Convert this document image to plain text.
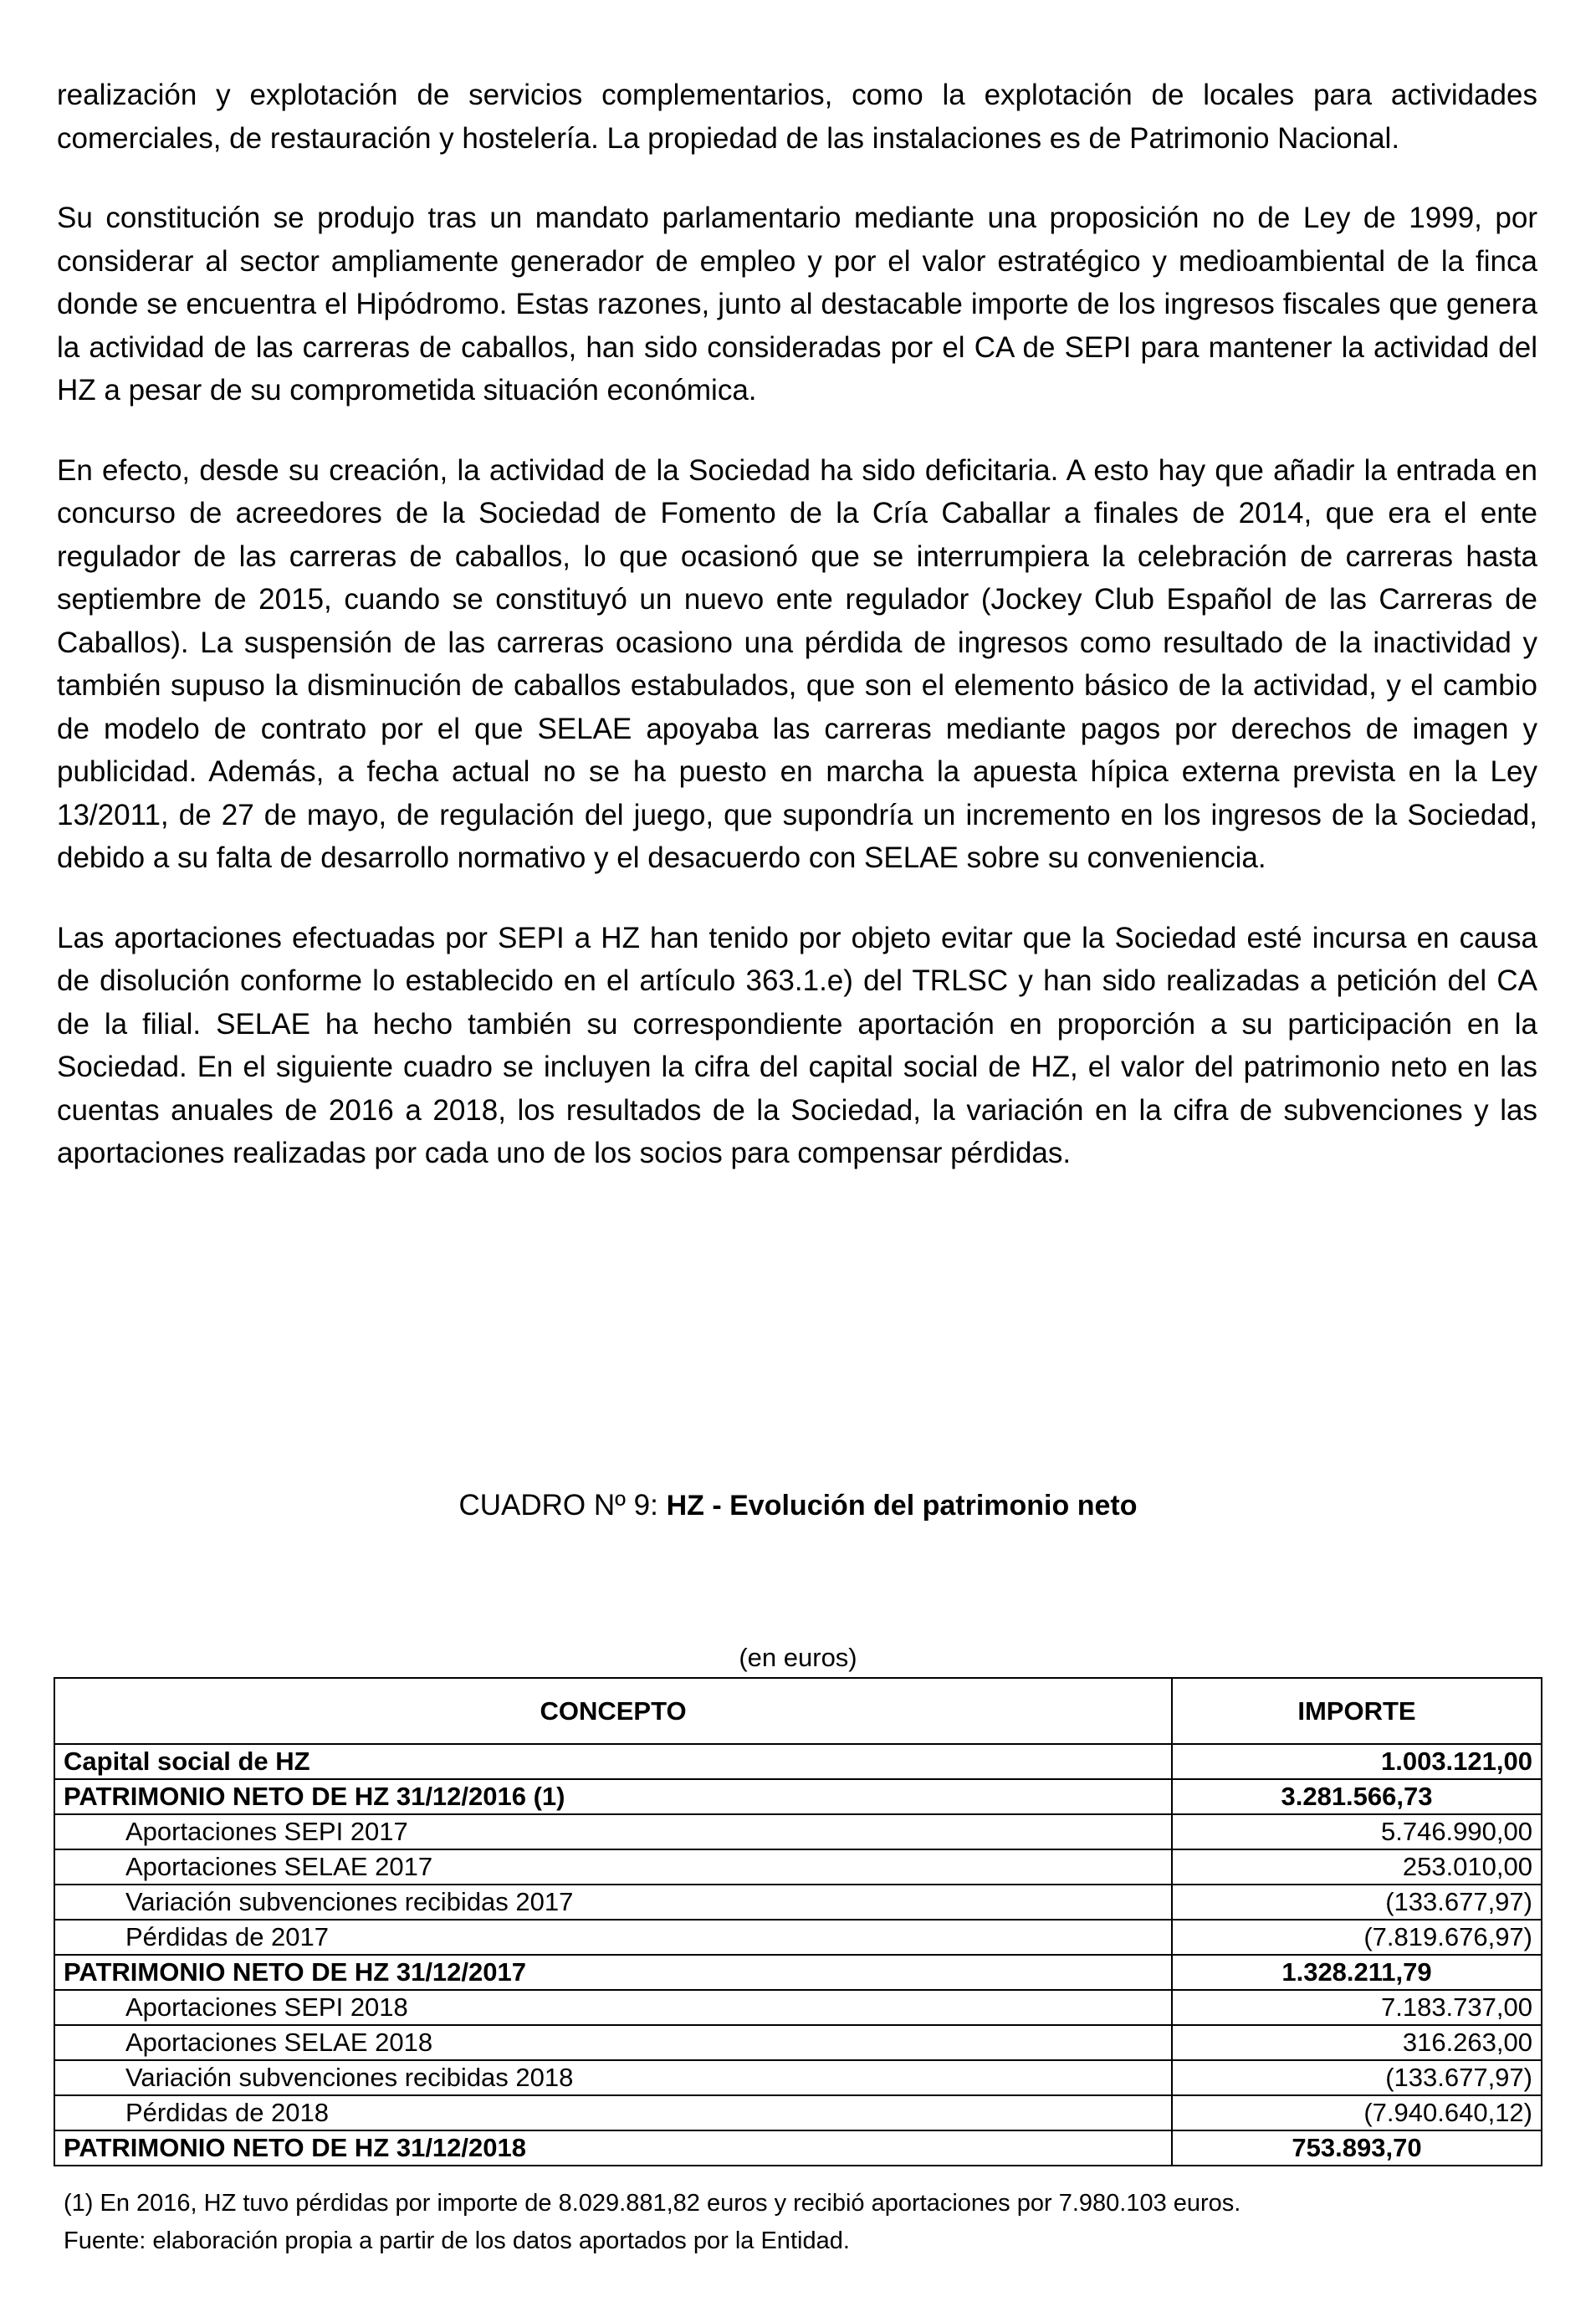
realización y explotación de servicios complementarios, como la explotación de locales para actividades comerciales, de restauración y hostelería. La propiedad de las instalaciones es de Patrimonio Nacional.

Su constitución se produjo tras un mandato parlamentario mediante una proposición no de Ley de 1999, por considerar al sector ampliamente generador de empleo y por el valor estratégico y medioambiental de la finca donde se encuentra el Hipódromo. Estas razones, junto al destacable importe de los ingresos fiscales que genera la actividad de las carreras de caballos, han sido consideradas por el CA de SEPI para mantener la actividad del HZ a pesar de su comprometida situación económica.

En efecto, desde su creación, la actividad de la Sociedad ha sido deficitaria. A esto hay que añadir la entrada en concurso de acreedores de la Sociedad de Fomento de la Cría Caballar a finales de 2014, que era el ente regulador de las carreras de caballos, lo que ocasionó que se interrumpiera la celebración de carreras hasta septiembre de 2015, cuando se constituyó un nuevo ente regulador (Jockey Club Español de las Carreras de Caballos). La suspensión de las carreras ocasiono una pérdida de ingresos como resultado de la inactividad y también supuso la disminución de caballos estabulados, que son el elemento básico de la actividad, y el cambio de modelo de contrato por el que SELAE apoyaba las carreras mediante pagos por derechos de imagen y publicidad. Además, a fecha actual no se ha puesto en marcha la apuesta hípica externa prevista en la Ley 13/2011, de 27 de mayo, de regulación del juego, que supondría un incremento en los ingresos de la Sociedad, debido a su falta de desarrollo normativo y el desacuerdo con SELAE sobre su conveniencia.

Las aportaciones efectuadas por SEPI a HZ han tenido por objeto evitar que la Sociedad esté incursa en causa de disolución conforme lo establecido en el artículo 363.1.e) del TRLSC y han sido realizadas a petición del CA de la filial. SELAE ha hecho también su correspondiente aportación en proporción a su participación en la Sociedad. En el siguiente cuadro se incluyen la cifra del capital social de HZ, el valor del patrimonio neto en las cuentas anuales de 2016 a 2018, los resultados de la Sociedad, la variación en la cifra de subvenciones y las aportaciones realizadas por cada uno de los socios para compensar pérdidas.

CUADRO Nº 9: HZ - Evolución del patrimonio neto
(en euros)
CONCEPTO	IMPORTE
Capital social de HZ	1.003.121,00
PATRIMONIO NETO DE HZ 31/12/2016 (1)	3.281.566,73
Aportaciones SEPI 2017	5.746.990,00
Aportaciones SELAE 2017	253.010,00
Variación subvenciones recibidas 2017	(133.677,97)
Pérdidas de 2017	(7.819.676,97)
PATRIMONIO NETO DE HZ 31/12/2017	1.328.211,79
Aportaciones SEPI 2018	7.183.737,00
Aportaciones SELAE 2018	316.263,00
Variación subvenciones recibidas 2018	(133.677,97)
Pérdidas de 2018	(7.940.640,12)
PATRIMONIO NETO DE HZ 31/12/2018	753.893,70
(1) En 2016, HZ tuvo pérdidas por importe de 8.029.881,82 euros y recibió aportaciones por 7.980.103 euros.
Fuente: elaboración propia a partir de los datos aportados por la Entidad.
